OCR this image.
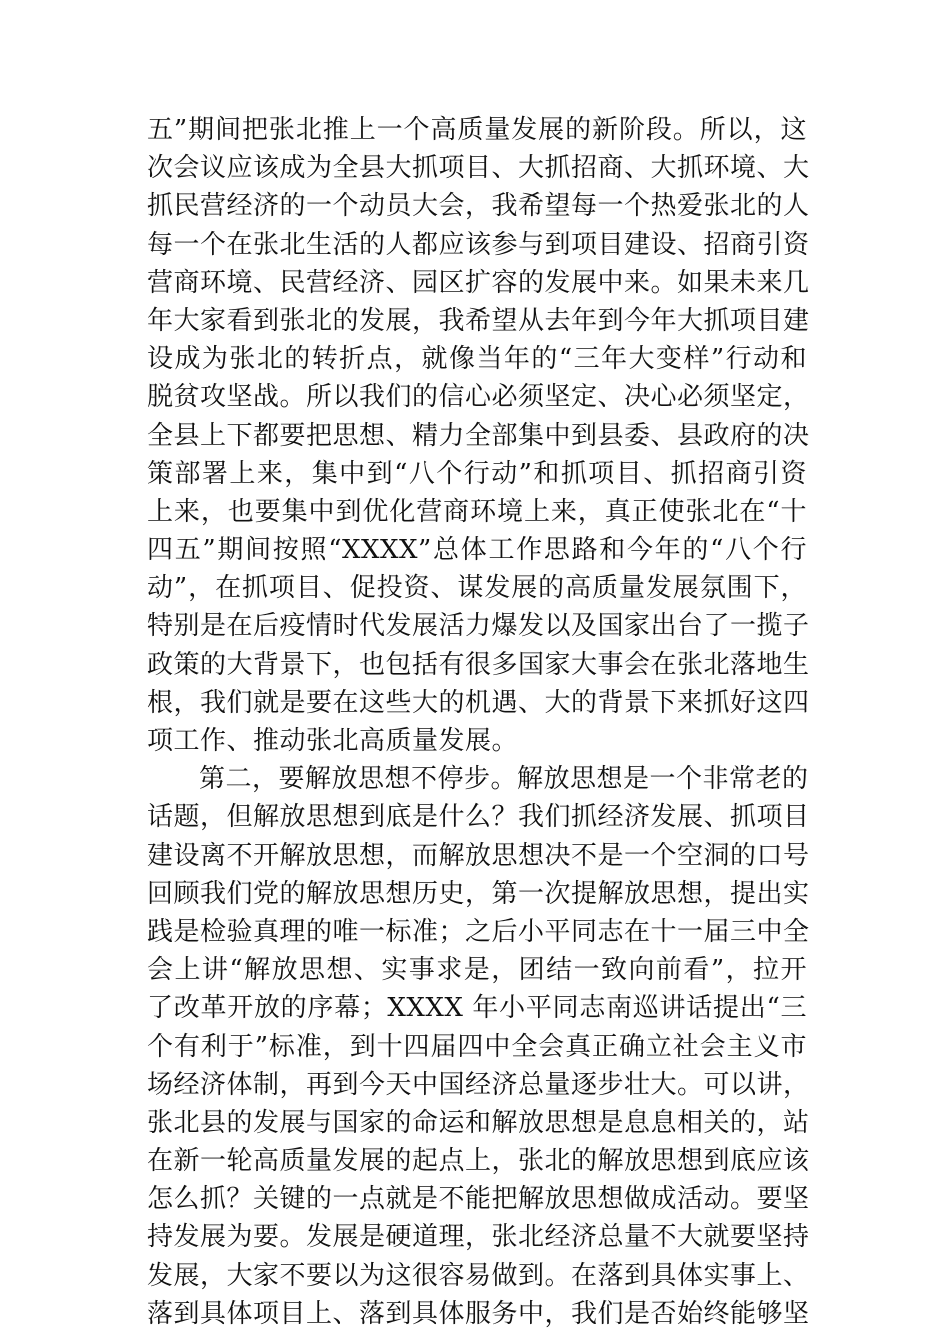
五”期间把张北推上一个高质量发展的新阶段。所以，这
次会议应该成为全县大抓项目、大抓招商、大抓环境、大
抓民营经济的一个动员大会，我希望每一个热爱张北的人
每一个在张北生活的人都应该参与到项目建设、招商引资
营商环境、民营经济、园区扩容的发展中来。如果未来几
年大家看到张北的发展，我希望从去年到今年大抓项目建
设成为张北的转折点，就像当年的“三年大变样”行动和
脱贫攻坚战。所以我们的信心必须坚定、决心必须坚定，
全县上下都要把思想、精力全部集中到县委、县政府的决
策部署上来，集中到“八个行动”和抓项目、抓招商引资
上来，也要集中到优化营商环境上来，真正使张北在“十
四五”期间按照“XXXX”总体工作思路和今年的“八个行
动”，在抓项目、促投资、谋发展的高质量发展氛围下，
特别是在后疫情时代发展活力爆发以及国家出台了一揽子
政策的大背景下，也包括有很多国家大事会在张北落地生
根，我们就是要在这些大的机遇、大的背景下来抓好这四
项工作、推动张北高质量发展。
第二，要解放思想不停步。解放思想是一个非常老的
话题，但解放思想到底是什么？我们抓经济发展、抓项目
建设离不开解放思想，而解放思想决不是一个空洞的口号
回顾我们党的解放思想历史，第一次提解放思想，提出实
践是检验真理的唯一标准；之后小平同志在十一届三中全
会上讲“解放思想、实事求是，团结一致向前看”，拉开
了改革开放的序幕；XXXX 年小平同志南巡讲话提出“三
个有利于”标准，到十四届四中全会真正确立社会主义市
场经济体制，再到今天中国经济总量逐步壮大。可以讲，
张北县的发展与国家的命运和解放思想是息息相关的，站
在新一轮高质量发展的起点上，张北的解放思想到底应该
怎么抓？关键的一点就是不能把解放思想做成活动。要坚
持发展为要。发展是硬道理，张北经济总量不大就要坚持
发展，大家不要以为这很容易做到。在落到具体实事上、
落到具体项目上、落到具体服务中，我们是否始终能够坚
